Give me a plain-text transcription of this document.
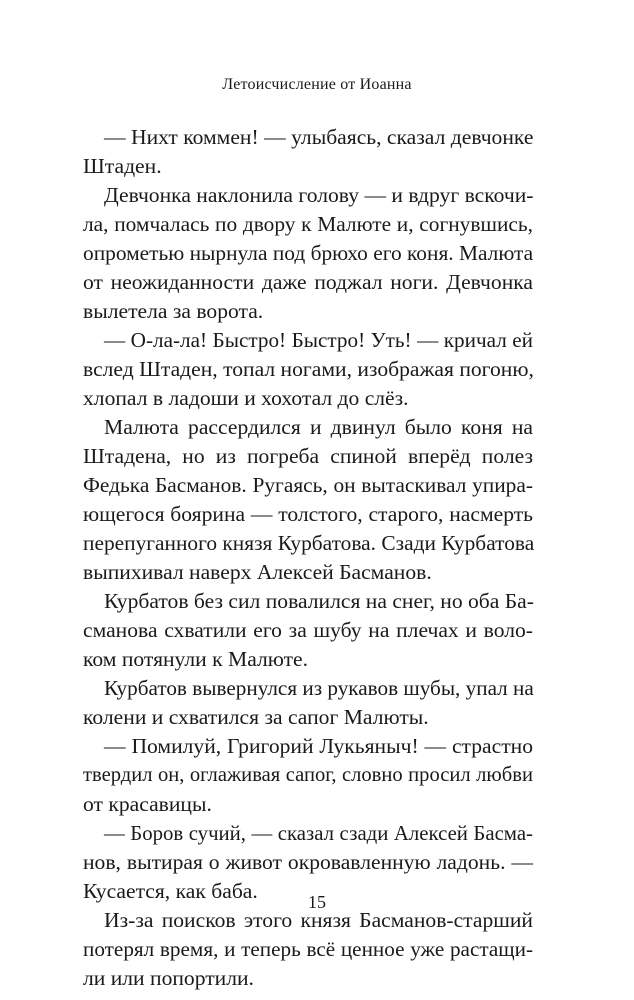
Летоисчисление от Иоанна
— Нихт коммен! — улыбаясь, сказал девчонке
Штаден.
Девчонка наклонила голову — и вдруг вскочи-
ла, помчалась по двору к Малюте и, согнувшись,
опрометью нырнула под брюхо его коня. Малюта
от неожиданности даже поджал ноги. Девчонка
вылетела за ворота.
— О-ла-ла! Быстро! Быстро! Уть! — кричал ей
вслед Штаден, топал ногами, изображая погоню,
хлопал в ладоши и хохотал до слёз.
Малюта рассердился и двинул было коня на
Штадена, но из погреба спиной вперёд полез
Федька Басманов. Ругаясь, он вытаскивал упира-
ющегося боярина — толстого, старого, насмерть
перепуганного князя Курбатова. Сзади Курбатова
выпихивал наверх Алексей Басманов.
Курбатов без сил повалился на снег, но оба Ба-
сманова схватили его за шубу на плечах и воло-
ком потянули к Малюте.
Курбатов вывернулся из рукавов шубы, упал на
колени и схватился за сапог Малюты.
— Помилуй, Григорий Лукьяныч! — страстно
твердил он, оглаживая сапог, словно просил любви
от красавицы.
— Боров сучий, — сказал сзади Алексей Басма-
нов, вытирая о живот окровавленную ладонь. —
Кусается, как баба.
Из-за поисков этого князя Басманов-старший
потерял время, и теперь всё ценное уже растащи-
ли или попортили.
15
